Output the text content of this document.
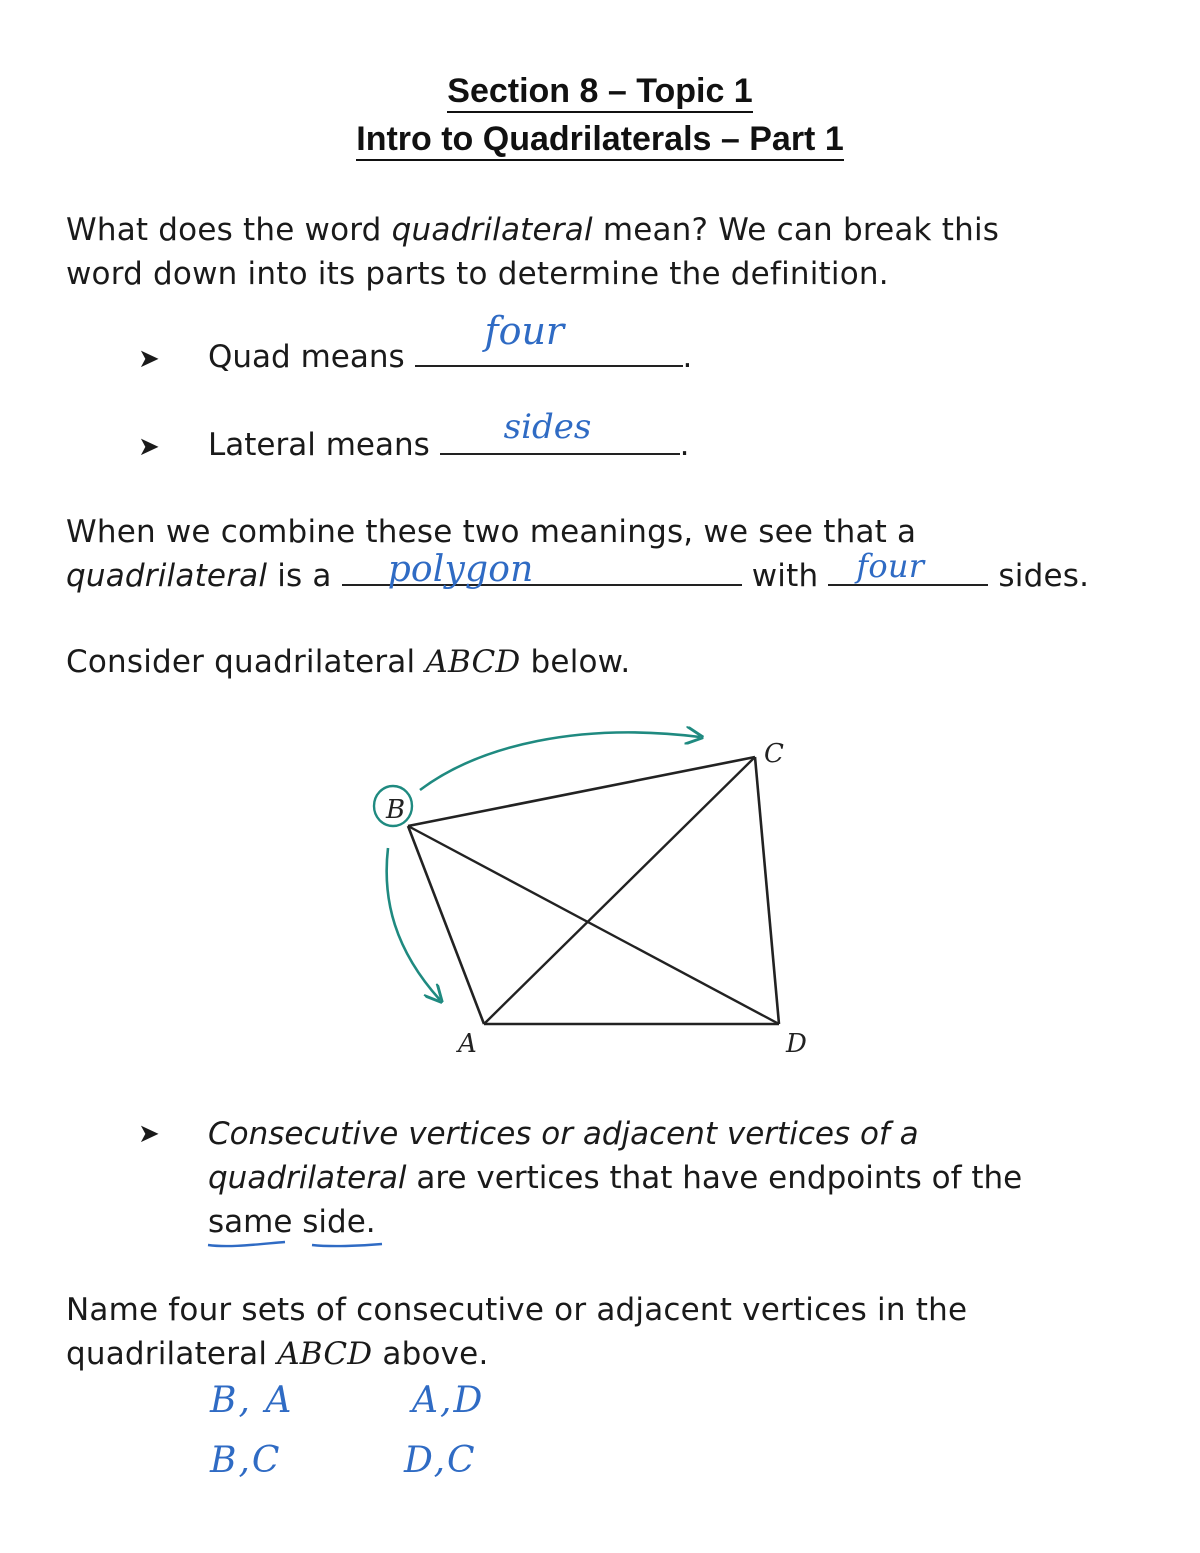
Section 8 – Topic 1
Intro to Quadrilaterals – Part 1
What does the word quadrilateral mean? We can break this
word down into its parts to determine the definition.
➤ Quad means
four
.
➤ Lateral means sides	.
When we combine these two meanings, we see that a
quadrilateral is a polygon	with four sides.
Consider quadrilateral ABCD below.
B
C
A	D
➤ Consecutive vertices or adjacent vertices of a
quadrilateral are vertices that have endpoints of the
same side.
Name four sets of consecutive or adjacent vertices in the
quadrilateral ABCD above.
B, A	A,D
B,C	D,C
